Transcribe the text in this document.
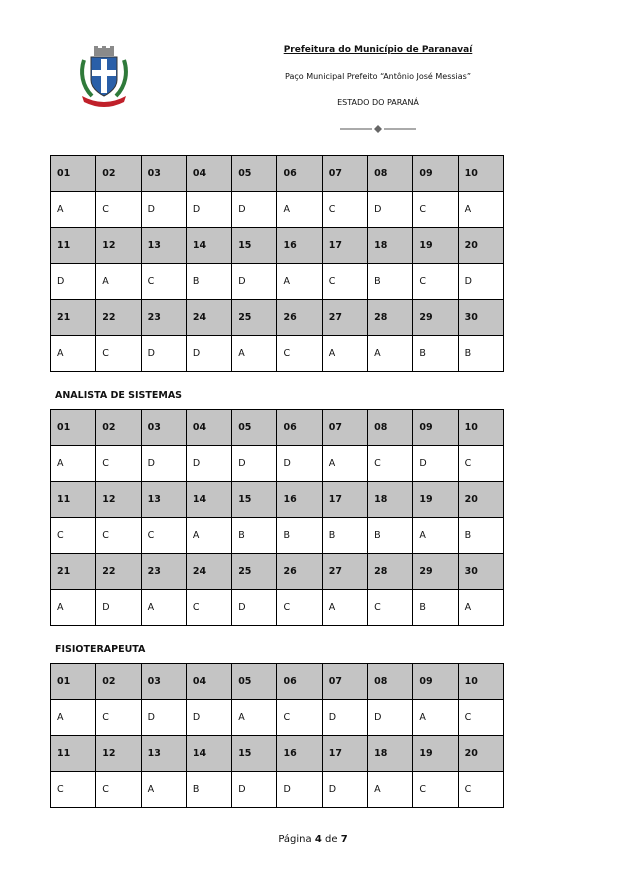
Prefeitura do Município de Paranavaí
Paço Municipal Prefeito “Antônio José Messias”
ESTADO DO PARANÁ
01	02	03	04	05	06	07	08	09	10
A	C	D	D	D	A	C	D	C	A
11	12	13	14	15	16	17	18	19	20
D	A	C	B	D	A	C	B	C	D
21	22	23	24	25	26	27	28	29	30
A	C	D	D	A	C	A	A	B	B
ANALISTA DE SISTEMAS
01	02	03	04	05	06	07	08	09	10
A	C	D	D	D	D	A	C	D	C
11	12	13	14	15	16	17	18	19	20
C	C	C	A	B	B	B	B	A	B
21	22	23	24	25	26	27	28	29	30
A	D	A	C	D	C	A	C	B	A
FISIOTERAPEUTA
01	02	03	04	05	06	07	08	09	10
A	C	D	D	A	C	D	D	A	C
11	12	13	14	15	16	17	18	19	20
C	C	A	B	D	D	D	A	C	C
Página 4 de 7
